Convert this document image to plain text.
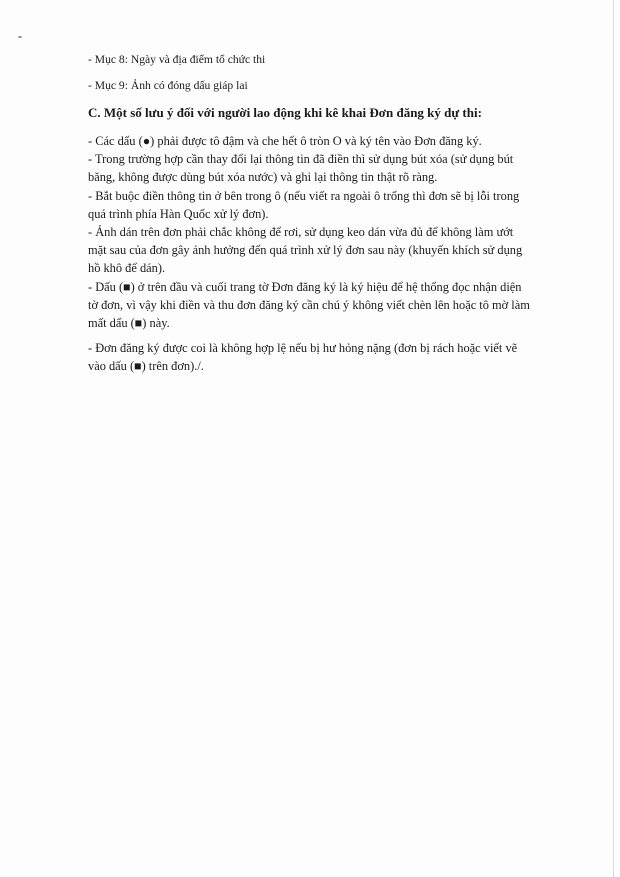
- Mục 8: Ngày và địa điểm tổ chức thi

- Mục 9: Ảnh có đóng dấu giáp lai

C. Một số lưu ý đối với người lao động khi kê khai Đơn đăng ký dự thi:

- Các dấu (●) phải được tô đậm và che hết ô tròn O và ký tên vào Đơn đăng ký.

- Trong trường hợp cần thay đổi lại thông tin đã điền thì sử dụng bút xóa (sử dụng bút băng, không được dùng bút xóa nước) và ghi lại thông tin thật rõ ràng.

- Bắt buộc điền thông tin ở bên trong ô (nếu viết ra ngoài ô trống thì đơn sẽ bị lỗi trong quá trình phía Hàn Quốc xử lý đơn).

- Ảnh dán trên đơn phải chắc không để rơi, sử dụng keo dán vừa đủ để không làm ướt mặt sau của đơn gây ảnh hưởng đến quá trình xử lý đơn sau này (khuyến khích sử dụng hồ khô để dán).

- Dấu (■) ở trên đầu và cuối trang tờ Đơn đăng ký là ký hiệu để hệ thống đọc nhận diện tờ đơn, vì vậy khi điền và thu đơn đăng ký cần chú ý không viết chèn lên hoặc tô mờ làm mất dấu (■) này.

- Đơn đăng ký được coi là không hợp lệ nếu bị hư hỏng nặng (đơn bị rách hoặc viết vẽ vào dấu (■) trên đơn)./.
